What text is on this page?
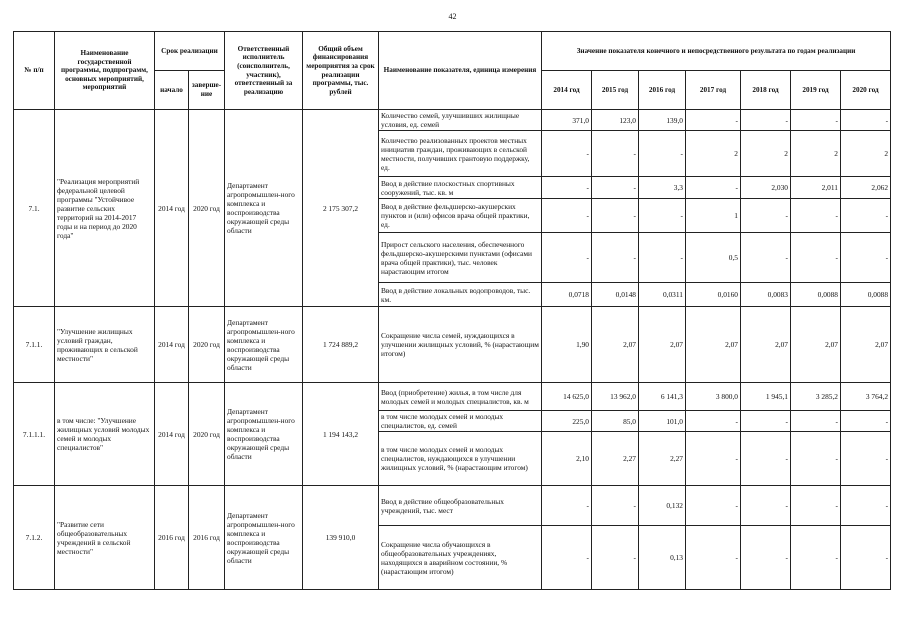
42
№ п/п	Наименование государственной программы, подпрограмм, основных мероприятий, мероприятий	Срок реализации		Ответственный исполнитель (соисполнитель, участник), ответственный за реализацию	Общий объем финансирования мероприятия за срок реализации программы, тыс. рублей	Наименование показателя, единица измерения	Значение показателя конечного и непосредственного результата по годам реализации						
		начало	заверше-ние				2014 год	2015 год	2016 год	2017 год	2018 год	2019 год	2020 год
7.1.	"Реализация мероприятий федеральной целевой программы "Устойчивое развитие сельских территорий на 2014-2017 годы и на период до 2020 года"	2014 год	2020 год	Департамент агропромышлен-ного комплекса и воспроизводства окружающей среды области	2 175 307,2	Количество семей, улучшивших жилищные условия, ед. семей	371,0	123,0	139,0	-	-	-	-
						Количество реализованных проектов местных инициатив граждан, проживающих в сельской местности, получивших грантовую поддержку, ед.	-	-	-	2	2	2	2
						Ввод в действие плоскостных спортивных сооружений, тыс. кв. м	-	-	3,3	-	2,030	2,011	2,062
						Ввод в действие фельдшерско-акушерских пунктов и (или) офисов врача общей практики, ед.	-	-	-	1	-	-	-
						Прирост сельского населения, обеспеченного фельдшерско-акушерскими пунктами (офисами врача общей практики), тыс. человек нарастающим итогом	-	-	-	0,5	-	-	-
						Ввод в действие локальных водопроводов, тыс. км.	0,0718	0,0148	0,0311	0,0160	0,0083	0,0088	0,0088
7.1.1.	"Улучшение жилищных условий граждан, проживающих в сельской местности"	2014 год	2020 год	Департамент агропромышлен-ного комплекса и воспроизводства окружающей среды области	1 724 889,2	Сокращение числа семей, нуждающихся в улучшении жилищных условий, % (нарастающим итогом)	1,90	2,07	2,07	2,07	2,07	2,07	2,07
7.1.1.1.	в том числе: "Улучшение жилищных условий молодых семей и молодых специалистов"	2014 год	2020 год	Департамент агропромышлен-ного комплекса и воспроизводства окружающей среды области	1 194 143,2	Ввод (приобретение) жилья, в том числе для молодых семей и молодых специалистов, кв. м	14 625,0	13 962,0	6 141,3	3 800,0	1 945,1	3 285,2	3 764,2
						в том числе молодых семей и молодых специалистов, ед. семей	225,0	85,0	101,0	-	-	-	-
						в том числе молодых семей и молодых специалистов, нуждающихся в улучшении жилищных условий, % (нарастающим итогом)	2,10	2,27	2,27	-	-	-	-
7.1.2.	"Развитие сети общеобразовательных учреждений в сельской местности"	2016 год	2016 год	Департамент агропромышлен-ного комплекса и воспроизводства окружающей среды области	139 910,0	Ввод в действие общеобразовательных учреждений, тыс. мест	-	-	0,132	-	-	-	-
						Сокращение числа обучающихся в общеобразовательных учреждениях, находящихся в аварийном состоянии, % (нарастающим итогом)	-	-	0,13	-	-	-	-
